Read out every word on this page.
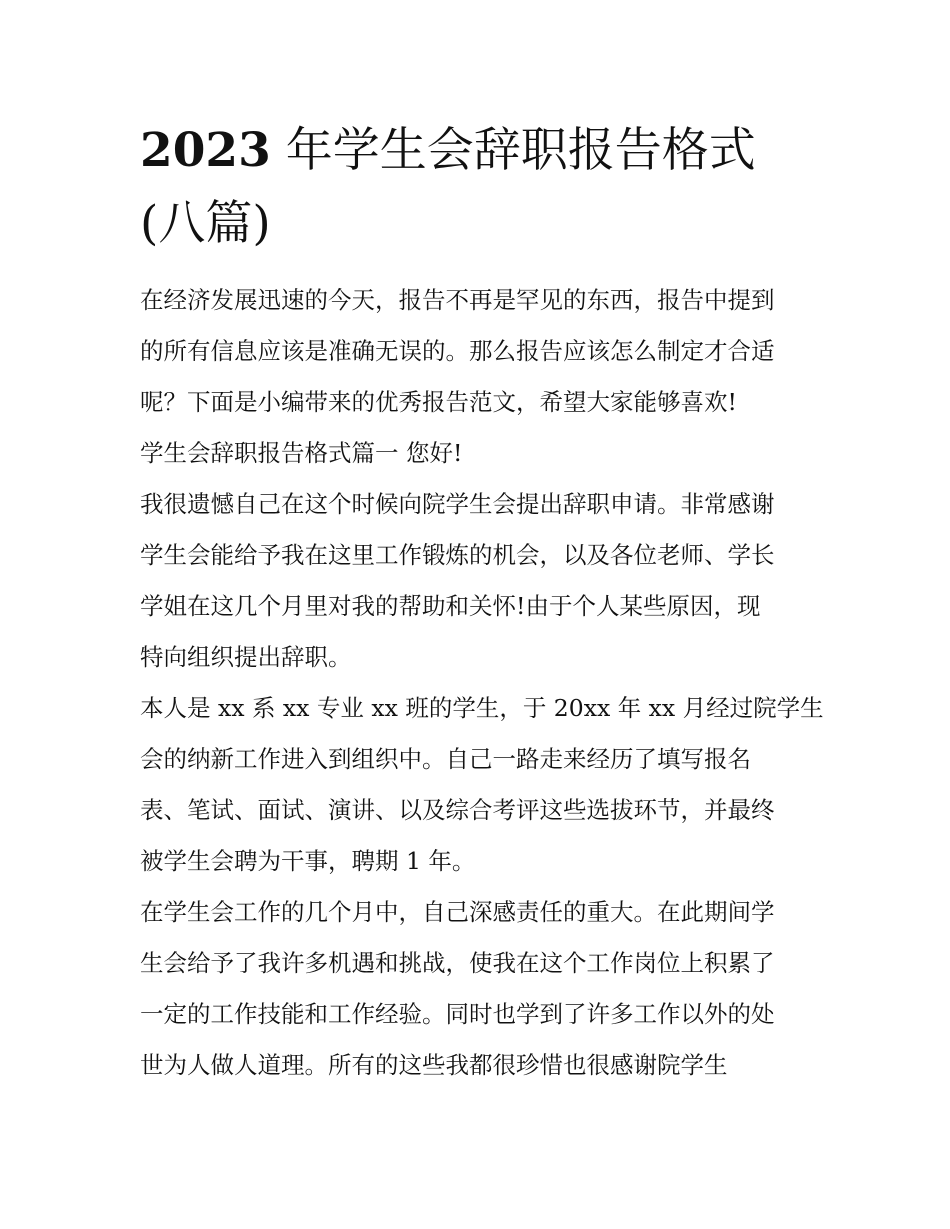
2023 年学生会辞职报告格式
(八篇)
在经济发展迅速的今天，报告不再是罕见的东西，报告中提到
的所有信息应该是准确无误的。那么报告应该怎么制定才合适
呢？下面是小编带来的优秀报告范文，希望大家能够喜欢!
学生会辞职报告格式篇一 您好!
我很遗憾自己在这个时候向院学生会提出辞职申请。非常感谢
学生会能给予我在这里工作锻炼的机会，以及各位老师、学长
学姐在这几个月里对我的帮助和关怀!由于个人某些原因，现
特向组织提出辞职。
本人是 xx 系 xx 专业 xx 班的学生，于 20xx 年 xx 月经过院学生
会的纳新工作进入到组织中。自己一路走来经历了填写报名
表、笔试、面试、演讲、以及综合考评这些选拔环节，并最终
被学生会聘为干事，聘期 1 年。
在学生会工作的几个月中，自己深感责任的重大。在此期间学
生会给予了我许多机遇和挑战，使我在这个工作岗位上积累了
一定的工作技能和工作经验。同时也学到了许多工作以外的处
世为人做人道理。所有的这些我都很珍惜也很感谢院学生
